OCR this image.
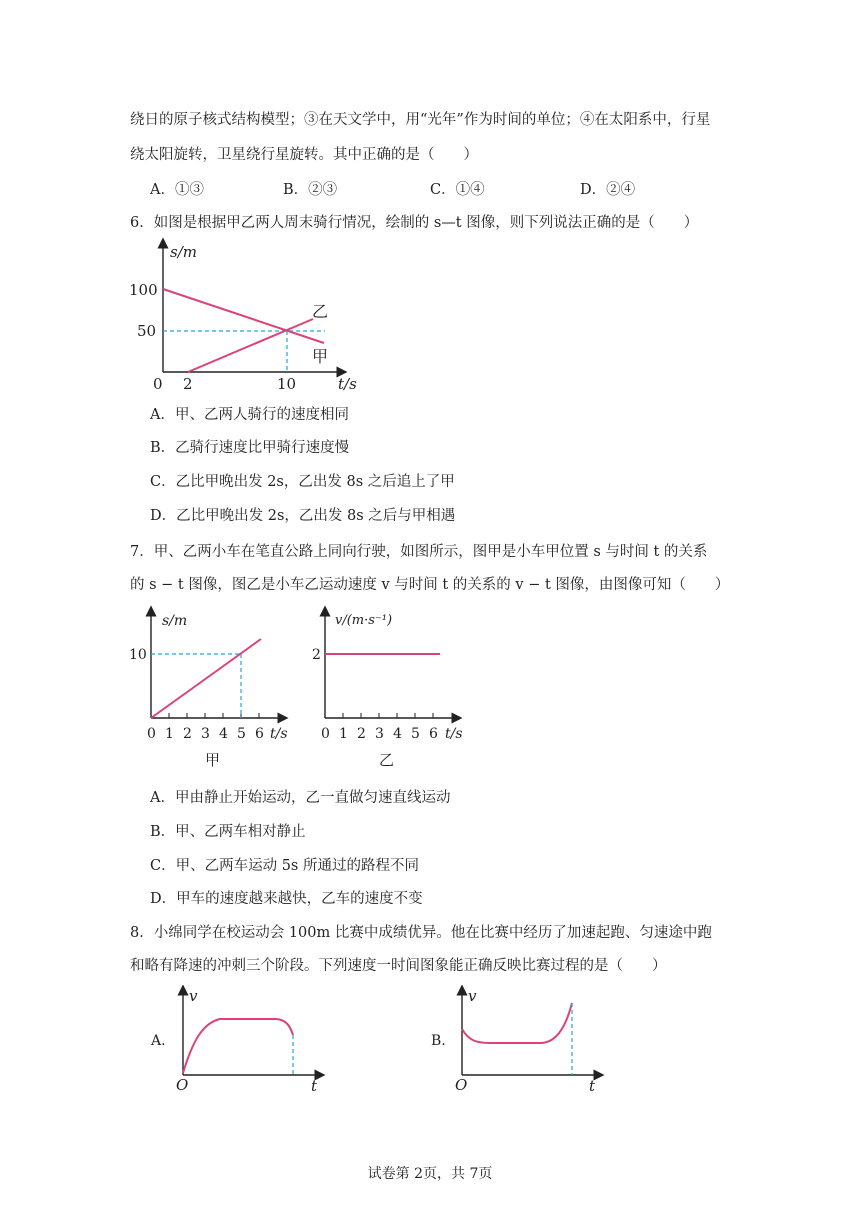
绕日的原子核式结构模型；③在天文学中，用“光年”作为时间的单位；④在太阳系中，行星
绕太阳旋转，卫星绕行星旋转。其中正确的是（　　）
A．①③	B．②③	C．①④	D．②④
6．如图是根据甲乙两人周末骑行情况，绘制的 s—t 图像，则下列说法正确的是（　　）
s/m
t/s
100
50
0 2	10
乙
甲
A．甲、乙两人骑行的速度相同
B．乙骑行速度比甲骑行速度慢
C．乙比甲晚出发 2s，乙出发 8s 之后追上了甲
D．乙比甲晚出发 2s，乙出发 8s 之后与甲相遇
7．甲、乙两小车在笔直公路上同向行驶，如图所示，图甲是小车甲位置 s 与时间 t 的关系
的 s − t 图像，图乙是小车乙运动速度 v 与时间 t 的关系的 v − t 图像，由图像可知（　　）
s/m
t/s
10
0 1 2 3 4 5 6
甲
v/(m·s⁻¹)
t/s
2
0 1 2 3 4 5 6
乙
A．甲由静止开始运动，乙一直做匀速直线运动
B．甲、乙两车相对静止
C．甲、乙两车运动 5s 所通过的路程不同
D．甲车的速度越来越快，乙车的速度不变
8．小绵同学在校运动会 100m 比赛中成绩优异。他在比赛中经历了加速起跑、匀速途中跑
和略有降速的冲刺三个阶段。下列速度一时间图象能正确反映比赛过程的是（　　）
A.
v
t
O
B.
v
t
O
试卷第 2页，共 7页
